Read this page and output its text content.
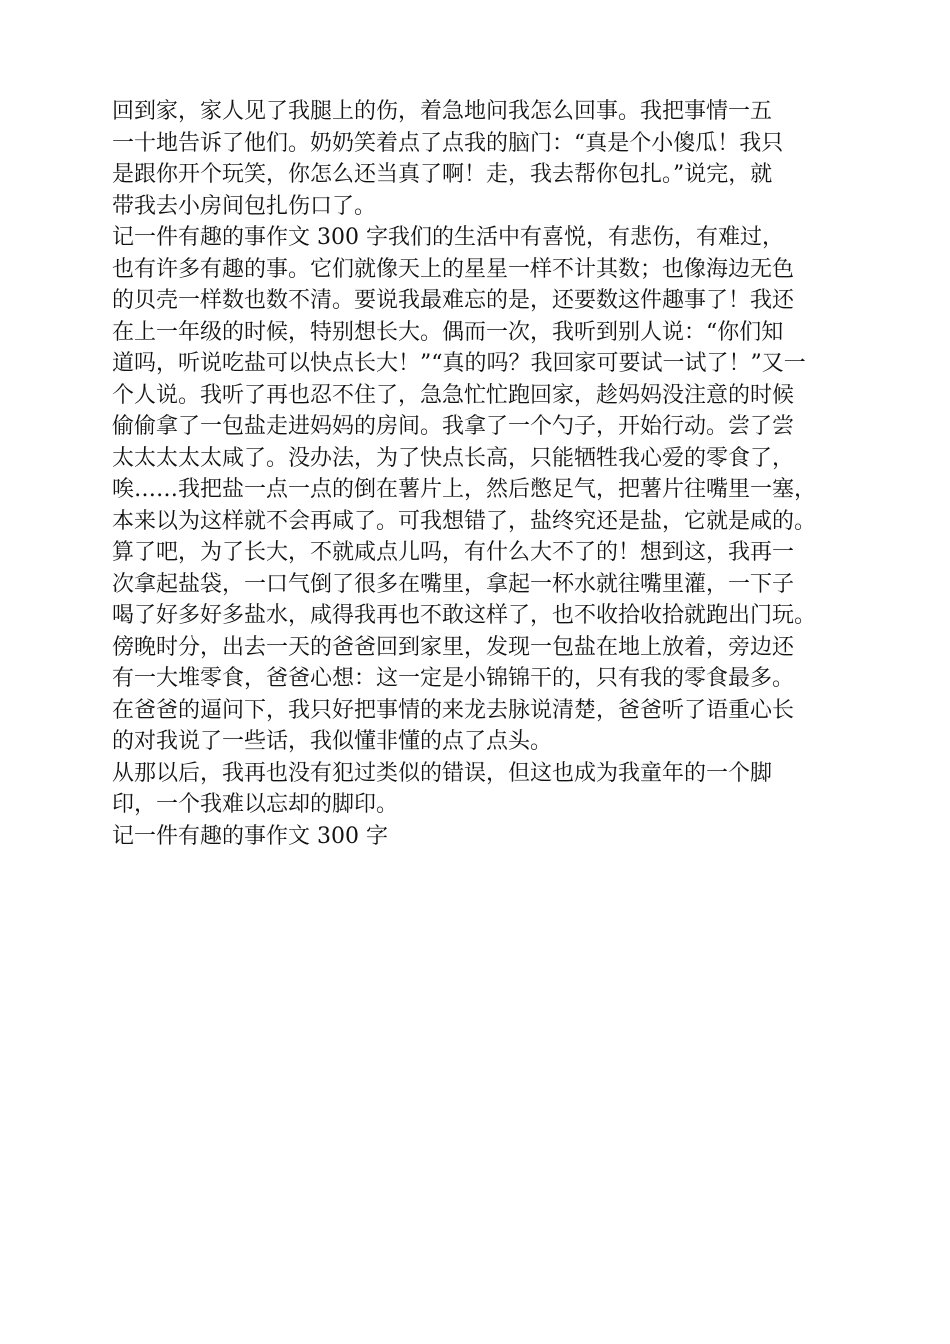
回到家，家人见了我腿上的伤，着急地问我怎么回事。我把事情一五
一十地告诉了他们。奶奶笑着点了点我的脑门：“真是个小傻瓜！我只
是跟你开个玩笑，你怎么还当真了啊！走，我去帮你包扎。”说完，就
带我去小房间包扎伤口了。
记一件有趣的事作文 300 字我们的生活中有喜悦，有悲伤，有难过，
也有许多有趣的事。它们就像天上的星星一样不计其数；也像海边无色
的贝壳一样数也数不清。要说我最难忘的是，还要数这件趣事了！我还
在上一年级的时候，特别想长大。偶而一次，我听到别人说：“你们知
道吗，听说吃盐可以快点长大！”“真的吗？我回家可要试一试了！”又一
个人说。我听了再也忍不住了，急急忙忙跑回家，趁妈妈没注意的时候
偷偷拿了一包盐走进妈妈的房间。我拿了一个勺子，开始行动。尝了尝
太太太太太咸了。没办法，为了快点长高，只能牺牲我心爱的零食了，
唉……我把盐一点一点的倒在薯片上，然后憋足气，把薯片往嘴里一塞，
本来以为这样就不会再咸了。可我想错了，盐终究还是盐，它就是咸的。
算了吧，为了长大，不就咸点儿吗，有什么大不了的！想到这，我再一
次拿起盐袋，一口气倒了很多在嘴里，拿起一杯水就往嘴里灌，一下子
喝了好多好多盐水，咸得我再也不敢这样了，也不收拾收拾就跑出门玩。
傍晚时分，出去一天的爸爸回到家里，发现一包盐在地上放着，旁边还
有一大堆零食，爸爸心想：这一定是小锦锦干的，只有我的零食最多。
在爸爸的逼问下，我只好把事情的来龙去脉说清楚，爸爸听了语重心长
的对我说了一些话，我似懂非懂的点了点头。
从那以后，我再也没有犯过类似的错误，但这也成为我童年的一个脚
印，一个我难以忘却的脚印。
记一件有趣的事作文 300 字
